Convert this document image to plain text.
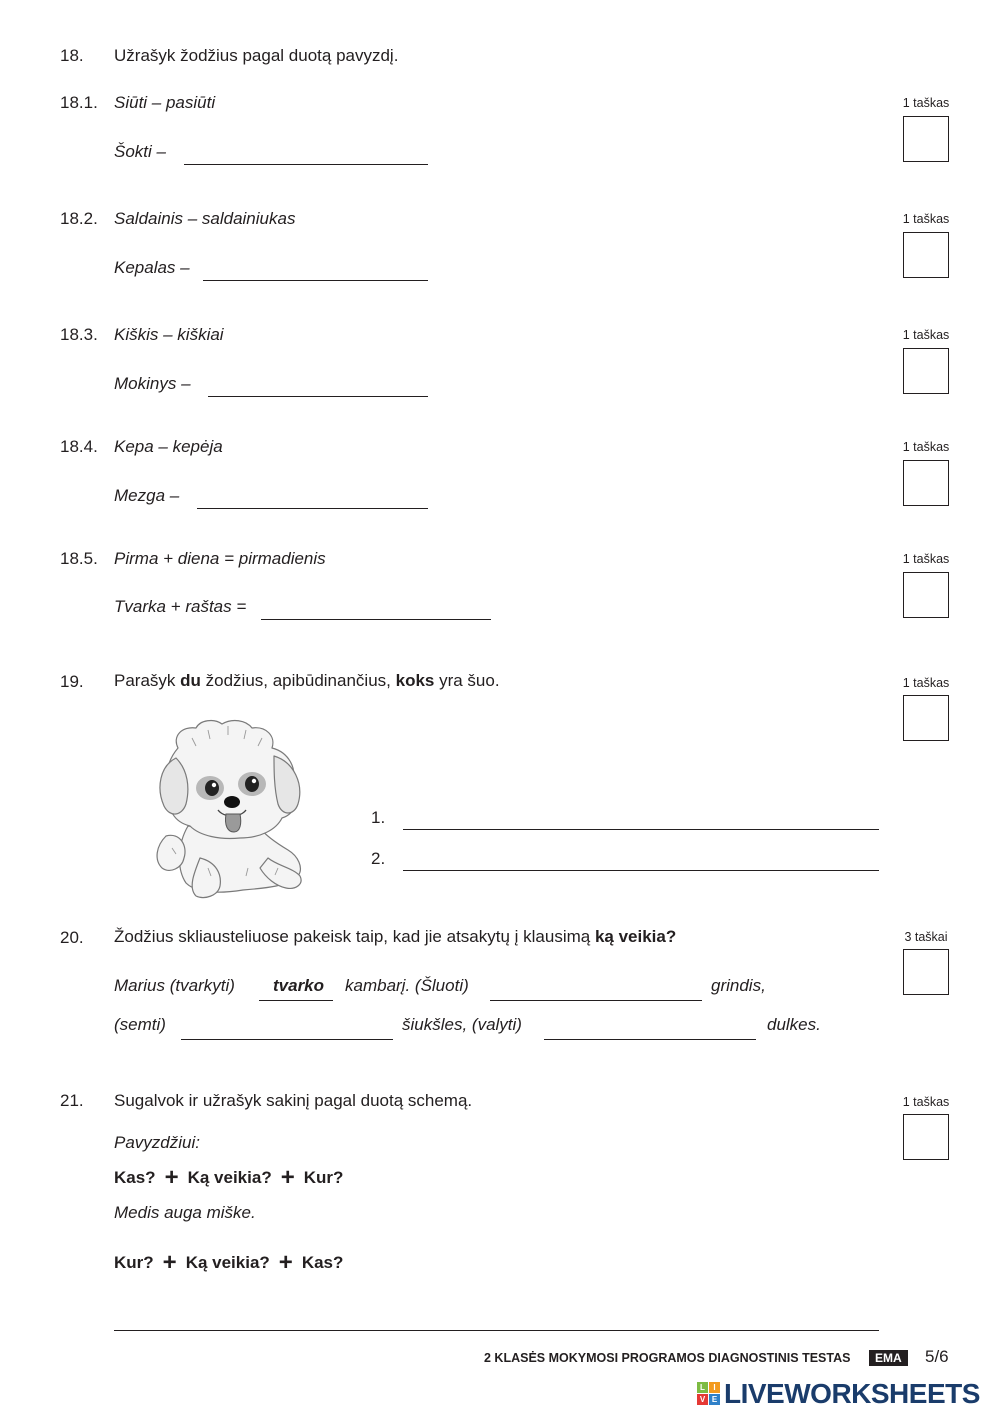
18. Užrašyk žodžius pagal duotą pavyzdį.
18.1. Siūti – pasiūti
Šokti –
1 taškas
18.2. Saldainis – saldainiukas
Kepalas –
1 taškas
18.3. Kiškis – kiškiai
Mokinys –
1 taškas
18.4. Kepa – kepėja
Mezga –
1 taškas
18.5. Pirma + diena = pirmadienis
Tvarka + raštas =
1 taškas
19. Parašyk du žodžius, apibūdinančius, koks yra šuo.	1 taškas
1.
2.
20. Žodžius skliausteliuose pakeisk taip, kad jie atsakytų į klausimą ką veikia?	3 taškai
Marius (tvarkyti) tvarko kambarį. (Šluoti)	grindis,
(semti)	šiukšles, (valyti)	dulkes.
21. Sugalvok ir užrašyk sakinį pagal duotą schemą.	1 taškas
Pavyzdžiui:
Kas? + Ką veikia? + Kur?
Medis auga miške.
Kur? + Ką veikia? + Kas?
2 KLASĖS MOKYMOSI PROGRAMOS DIAGNOSTINIS TESTAS	EMA	5/6
L	I
V E LIVEWORKSHEETS
